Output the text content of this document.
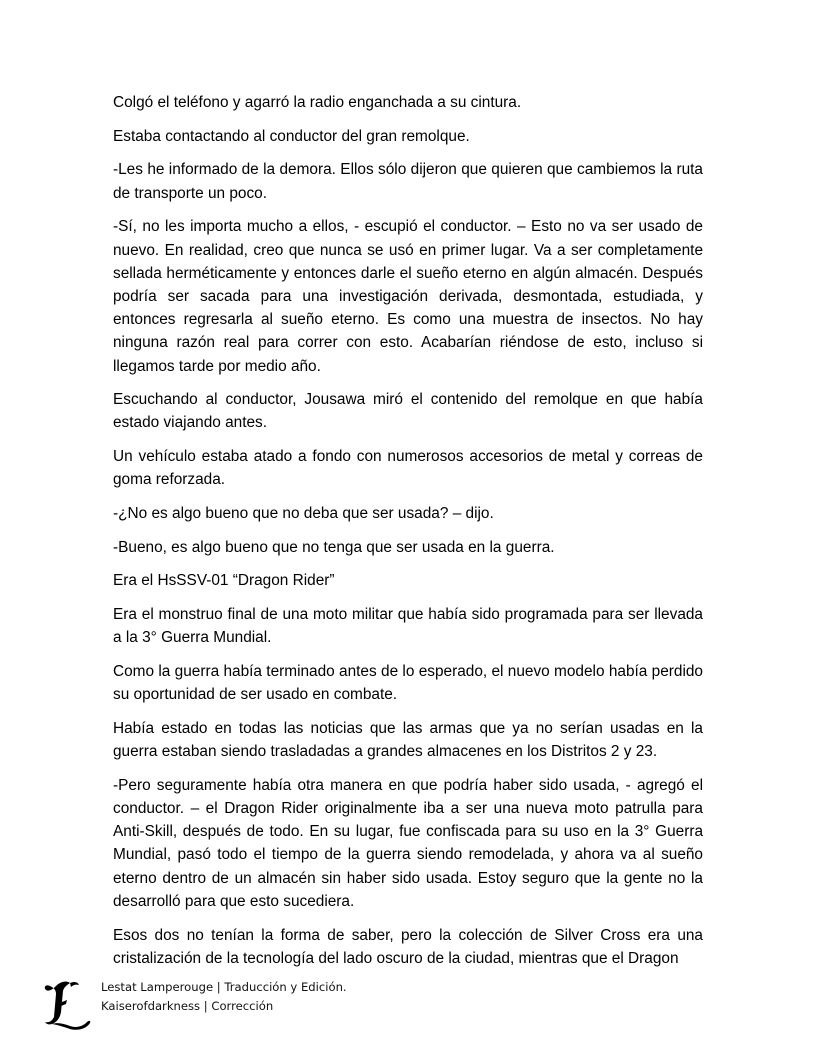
Colgó el teléfono y agarró la radio enganchada a su cintura.

Estaba contactando al conductor del gran remolque.

-Les he informado de la demora. Ellos sólo dijeron que quieren que cambiemos la ruta de transporte un poco.

-Sí, no les importa mucho a ellos, - escupió el conductor. – Esto no va ser usado de nuevo. En realidad, creo que nunca se usó en primer lugar. Va a ser completamente sellada herméticamente y entonces darle el sueño eterno en algún almacén. Después podría ser sacada para una investigación derivada, desmontada, estudiada, y entonces regresarla al sueño eterno. Es como una muestra de insectos. No hay ninguna razón real para correr con esto. Acabarían riéndose de esto, incluso si llegamos tarde por medio año.

Escuchando al conductor, Jousawa miró el contenido del remolque en que había estado viajando antes.

Un vehículo estaba atado a fondo con numerosos accesorios de metal y correas de goma reforzada.

-¿No es algo bueno que no deba que ser usada? – dijo.

-Bueno, es algo bueno que no tenga que ser usada en la guerra.

Era el HsSSV-01 “Dragon Rider”

Era el monstruo final de una moto militar que había sido programada para ser llevada a la 3° Guerra Mundial.

Como la guerra había terminado antes de lo esperado, el nuevo modelo había perdido su oportunidad de ser usado en combate.

Había estado en todas las noticias que las armas que ya no serían usadas en la guerra estaban siendo trasladadas a grandes almacenes en los Distritos 2 y 23.

-Pero seguramente había otra manera en que podría haber sido usada, - agregó el conductor. – el Dragon Rider originalmente iba a ser una nueva moto patrulla para Anti-Skill, después de todo. En su lugar, fue confiscada para su uso en la 3° Guerra Mundial, pasó todo el tiempo de la guerra siendo remodelada, y ahora va al sueño eterno dentro de un almacén sin haber sido usada. Estoy seguro que la gente no la desarrolló para que esto sucediera.

Esos dos no tenían la forma de saber, pero la colección de Silver Cross era una cristalización de la tecnología del lado oscuro de la ciudad, mientras que el Dragon

Lestat Lamperouge | Traducción y Edición.
Kaiserofdarkness | Corrección
